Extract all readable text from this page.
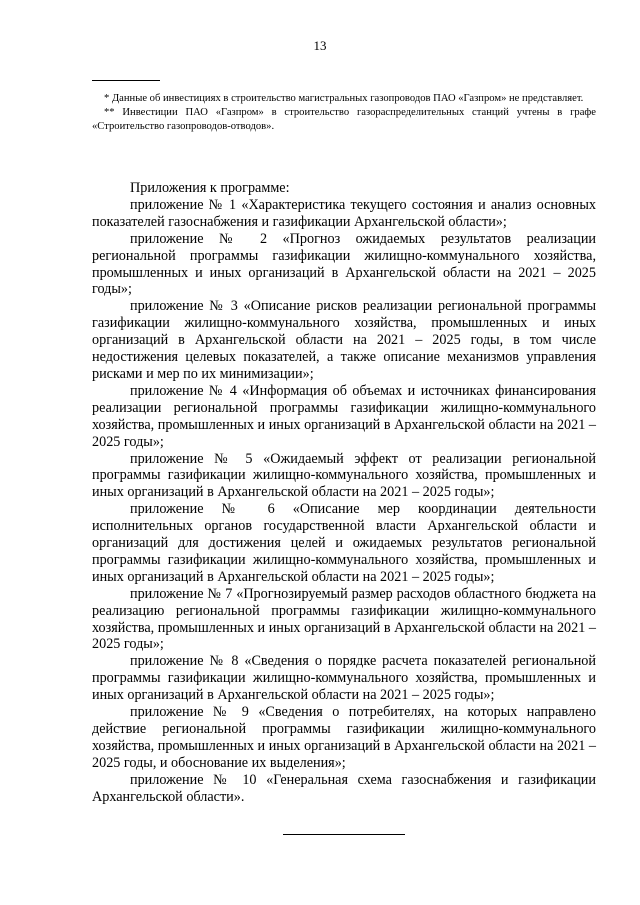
13

* Данные об инвестициях в строительство магистральных газопроводов ПАО «Газпром» не представляет.

** Инвестиции ПАО «Газпром» в строительство газораспределительных станций учтены в графе «Строительство газопроводов-отводов».

Приложения к программе:

приложение № 1 «Характеристика текущего состояния и анализ основных показателей газоснабжения и газификации Архангельской области»;

приложение № 2 «Прогноз ожидаемых результатов реализации региональной программы газификации жилищно-коммунального хозяйства, промышленных и иных организаций в Архангельской области на 2021 – 2025 годы»;

приложение № 3 «Описание рисков реализации региональной программы газификации жилищно-коммунального хозяйства, промышленных и иных организаций в Архангельской области на 2021 – 2025 годы, в том числе недостижения целевых показателей, а также описание механизмов управления рисками и мер по их минимизации»;

приложение № 4 «Информация об объемах и источниках финансирования реализации региональной программы газификации жилищно-коммунального хозяйства, промышленных и иных организаций в Архангельской области на 2021 – 2025 годы»;

приложение № 5 «Ожидаемый эффект от реализации региональной программы газификации жилищно-коммунального хозяйства, промышленных и иных организаций в Архангельской области на 2021 – 2025 годы»;

приложение № 6 «Описание мер координации деятельности исполнительных органов государственной власти Архангельской области и организаций для достижения целей и ожидаемых результатов региональной программы газификации жилищно-коммунального хозяйства, промышленных и иных организаций в Архангельской области на 2021 – 2025 годы»;

приложение № 7 «Прогнозируемый размер расходов областного бюджета на реализацию региональной программы газификации жилищно-коммунального хозяйства, промышленных и иных организаций в Архангельской области на 2021 – 2025 годы»;

приложение № 8 «Сведения о порядке расчета показателей региональной программы газификации жилищно-коммунального хозяйства, промышленных и иных организаций в Архангельской области на 2021 – 2025 годы»;

приложение № 9 «Сведения о потребителях, на которых направлено действие региональной программы газификации жилищно-коммунального хозяйства, промышленных и иных организаций в Архангельской области на 2021 – 2025 годы, и обоснование их выделения»;

приложение № 10 «Генеральная схема газоснабжения и газификации Архангельской области».
